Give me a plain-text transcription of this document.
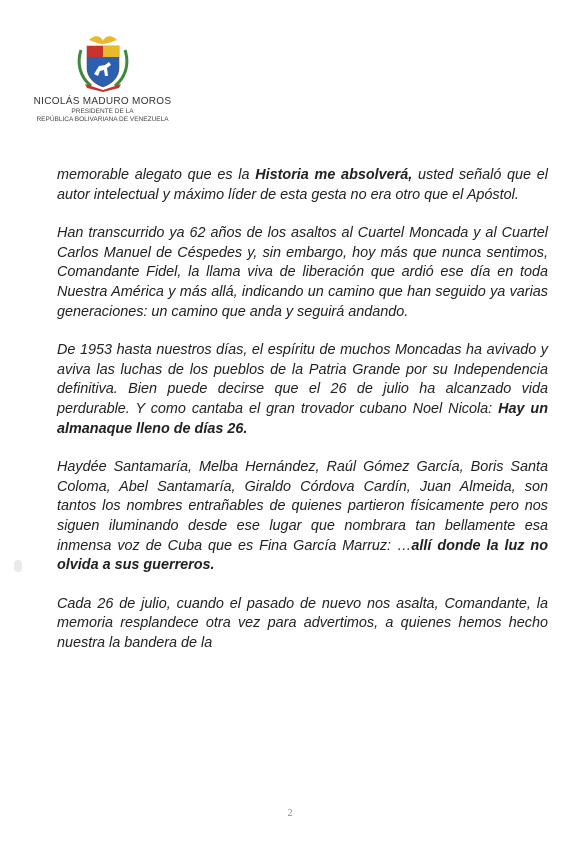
NICOLÁS MADURO MOROS
PRESIDENTE DE LA
REPÚBLICA BOLIVARIANA DE VENEZUELA

memorable alegato que es la Historia me absolverá, usted señaló que el autor intelectual y máximo líder de esta gesta no era otro que el Apóstol.

Han transcurrido ya 62 años de los asaltos al Cuartel Moncada y al Cuartel Carlos Manuel de Céspedes y, sin embargo, hoy más que nunca sentimos, Comandante Fidel, la llama viva de liberación que ardió ese día en toda Nuestra América y más allá, indicando un camino que han seguido ya varias generaciones: un camino que anda y seguirá andando.

De 1953 hasta nuestros días, el espíritu de muchos Moncadas ha avivado y aviva las luchas de los pueblos de la Patria Grande por su Independencia definitiva. Bien puede decirse que el 26 de julio ha alcanzado vida perdurable. Y como cantaba el gran trovador cubano Noel Nicola: Hay un almanaque lleno de días 26.

Haydée Santamaría, Melba Hernández, Raúl Gómez García, Boris Santa Coloma, Abel Santamaría, Giraldo Córdova Cardín, Juan Almeida, son tantos los nombres entrañables de quienes partieron físicamente pero nos siguen iluminando desde ese lugar que nombrara tan bellamente esa inmensa voz de Cuba que es Fina García Marruz: …allí donde la luz no olvida a sus guerreros.

Cada 26 de julio, cuando el pasado de nuevo nos asalta, Comandante, la memoria resplandece otra vez para advertimos, a quienes hemos hecho nuestra la bandera de la

2
